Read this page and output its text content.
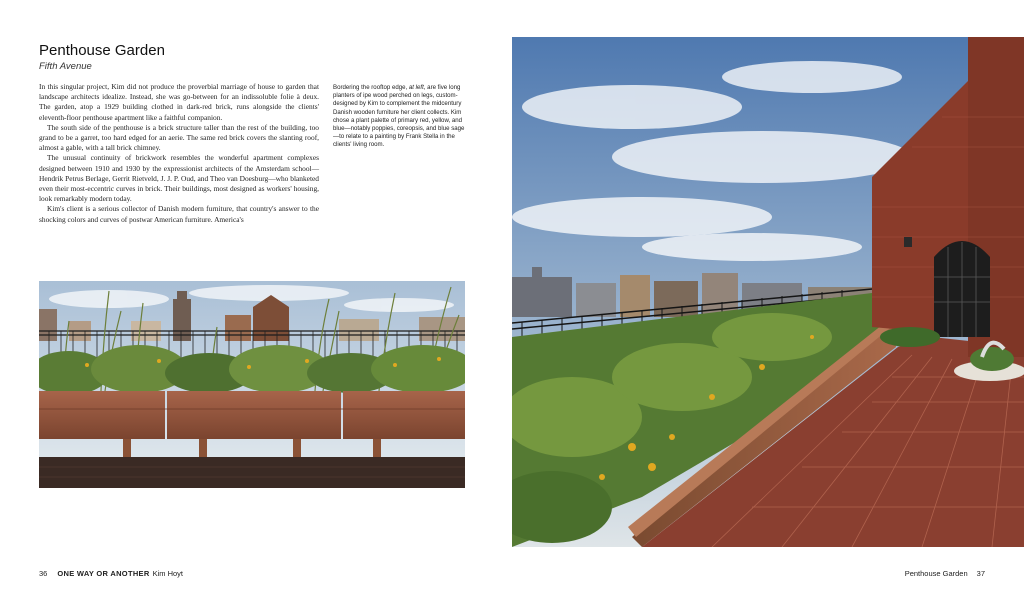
Penthouse Garden
Fifth Avenue

In this singular project, Kim did not produce the proverbial marriage of house to garden that landscape architects idealize. Instead, she was go-between for an indissoluble folie à deux. The garden, atop a 1929 building clothed in dark-red brick, runs alongside the clients' eleventh-floor penthouse apartment like a faithful companion.

The south side of the penthouse is a brick structure taller than the rest of the building, too grand to be a garret, too hard edged for an aerie. The same red brick covers the slanting roof, almost a gable, with a tall brick chimney.

The unusual continuity of brickwork resembles the wonderful apartment complexes designed between 1910 and 1930 by the expressionist architects of the Amsterdam school—Hendrik Petrus Berlage, Gerrit Rietveld, J. J. P. Oud, and Theo van Doesburg—who blanketed even their most-eccentric curves in brick. Their buildings, most designed as workers' housing, look remarkably modern today.

Kim's client is a serious collector of Danish modern furniture, that country's answer to the shocking colors and curves of postwar American furniture. America's

Bordering the rooftop edge, at left, are five long planters of ipe wood perched on legs, custom-designed by Kim to complement the midcentury Danish wooden furniture her client collects. Kim chose a plant palette of primary red, yellow, and blue—notably poppies, coreopsis, and blue sage—to relate to a painting by Frank Stella in the clients' living room.
36 ONE WAY OR ANOTHER Kim Hoyt	Penthouse Garden 37
